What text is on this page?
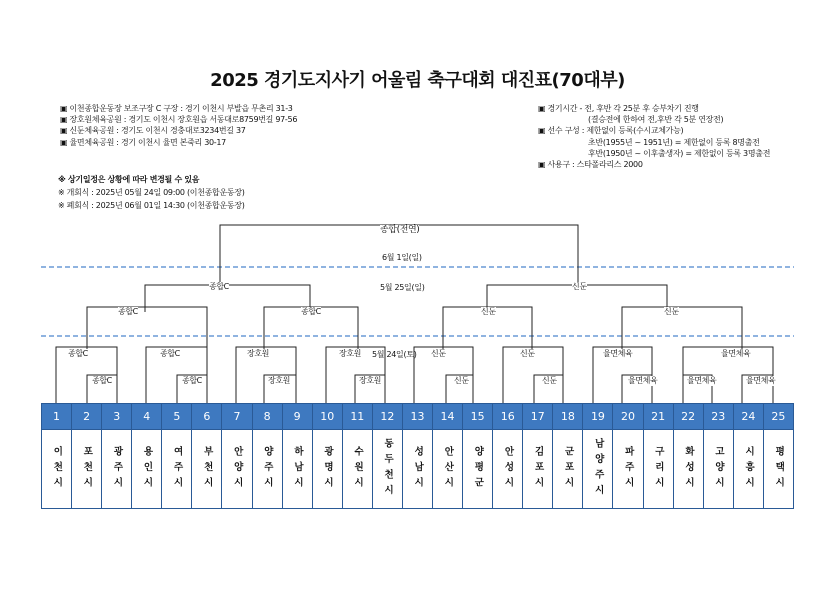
2025 경기도지사기 어울림 축구대회 대진표(70대부)
▣ 이천종합운동장 보조구장 C 구장 : 경기 이천시 부발읍 무촌리 31-3
▣ 장호원체육공원 : 경기도 이천시 장호원읍 서동대로8759번길 97-56
▣ 신둔체육공원 : 경기도 이천시 경충대로3234번길 37
▣ 율면체육공원 : 경기 이천시 율면 본죽리 30-17
▣ 경기시간 - 전, 후반 각 25분 후 승부차기 진행
(결승전에 한하여 전,후반 각 5분 연장전)
▣ 선수 구성 : 제한없이 등록(수시교체가능)
초반(1955년 ~ 1951년) = 제한없이 등록 8명출전
후반(1950년 ~ 이후출생자) = 제한없이 등록 3명출전
▣ 사용구 : 스타폴라리스 2000
※ 상기일정은 상황에 따라 변경될 수 있음
※ 개회식 : 2025년 05월 24일 09:00 (이천종합운동장)
※ 폐회식 : 2025년 06월 01일 14:30 (이천종합운동장)
종합(전연)
6월 1일(일)
종합C	5월 25일(일)	신둔
종합C	종합C	신둔	신둔
종합C
종합C
종합C
종합C
장호원
장호원
장호원 5월 24일(토)
장호원
신둔
신둔
신둔
신둔
율면체육
율면체육
율면체육
율면체육	율면체육
1	2	3	4	5	6	7	8	9	10	11	12	13	14	15	16	17	18	19	20	21	22	23	24	25
이천시 포천시 광주시 용인시 여주시 부천시 안양시 양주시 하남시 광명시 수원시 동두천시 성남시 안산시 양평군 안성시 김포시 군포시 남양주시 파주시 구리시 화성시 고양시 시흥시 평택시
